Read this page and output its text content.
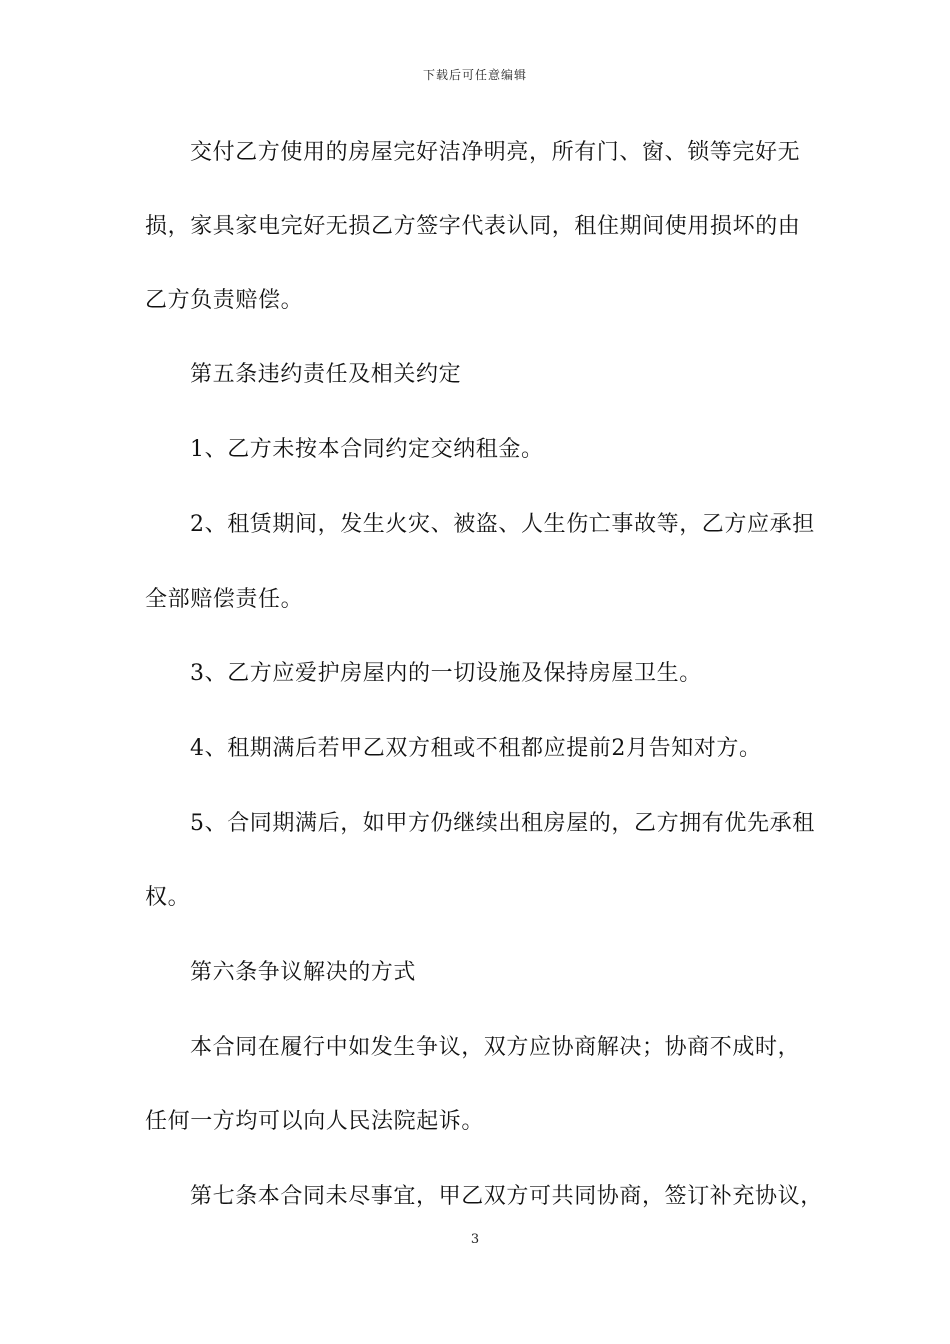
下载后可任意编辑
交付乙方使用的房屋完好洁净明亮，所有门、窗、锁等完好无
损，家具家电完好无损乙方签字代表认同，租住期间使用损坏的由
乙方负责赔偿。
第五条违约责任及相关约定
1、乙方未按本合同约定交纳租金。
2、租赁期间，发生火灾、被盗、人生伤亡事故等，乙方应承担
全部赔偿责任。
3、乙方应爱护房屋内的一切设施及保持房屋卫生。
4、租期满后若甲乙双方租或不租都应提前2月告知对方。
5、合同期满后，如甲方仍继续出租房屋的，乙方拥有优先承租
权。
第六条争议解决的方式
本合同在履行中如发生争议，双方应协商解决；协商不成时，
任何一方均可以向人民法院起诉。
第七条本合同未尽事宜，甲乙双方可共同协商，签订补充协议，
3
